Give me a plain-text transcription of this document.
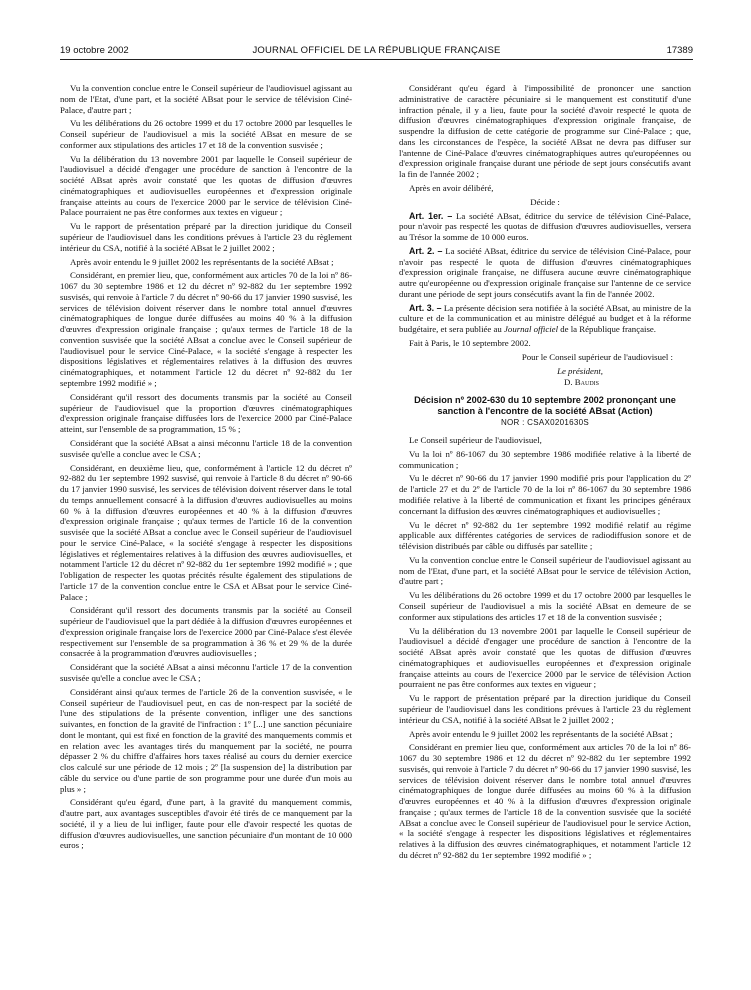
19 octobre 2002	JOURNAL OFFICIEL DE LA RÉPUBLIQUE FRANÇAISE	17389

Vu la convention conclue entre le Conseil supérieur de l'audiovisuel agissant au nom de l'Etat, d'une part, et la société ABsat pour le service de télévision Ciné-Palace, d'autre part ;

Vu les délibérations du 26 octobre 1999 et du 17 octobre 2000 par lesquelles le Conseil supérieur de l'audiovisuel a mis la société ABsat en mesure de se conformer aux stipulations des articles 17 et 18 de la convention susvisée ;

Vu la délibération du 13 novembre 2001 par laquelle le Conseil supérieur de l'audiovisuel a décidé d'engager une procédure de sanction à l'encontre de la société ABsat après avoir constaté que les quotas de diffusion d'œuvres cinématographiques et audiovisuelles européennes et d'expression originale française atteints au cours de l'exercice 2000 par le service de télévision Ciné-Palace pourraient ne pas être conformes aux textes en vigueur ;

Vu le rapport de présentation préparé par la direction juridique du Conseil supérieur de l'audiovisuel dans les conditions prévues à l'article 23 du règlement intérieur du CSA, notifié à la société ABsat le 2 juillet 2002 ;

Après avoir entendu le 9 juillet 2002 les représentants de la société ABsat ;

Considérant, en premier lieu, que, conformément aux articles 70 de la loi nº 86-1067 du 30 septembre 1986 et 12 du décret nº 92-882 du 1er septembre 1992 susvisés, qui renvoie à l'article 7 du décret nº 90-66 du 17 janvier 1990 susvisé, les services de télévision doivent réserver dans le nombre total annuel d'œuvres cinématographiques de longue durée diffusées au moins 40 % à la diffusion d'œuvres d'expression originale française ; qu'aux termes de l'article 18 de la convention susvisée que la société ABsat a conclue avec le Conseil supérieur de l'audiovisuel pour le service Ciné-Palace, « la société s'engage à respecter les dispositions législatives et réglementaires relatives à la diffusion des œuvres cinématographiques, et notamment l'article 12 du décret nº 92-882 du 1er septembre 1992 modifié » ;

Considérant qu'il ressort des documents transmis par la société au Conseil supérieur de l'audiovisuel que la proportion d'œuvres cinématographiques d'expression originale française diffusées lors de l'exercice 2000 par Ciné-Palace atteint, sur l'ensemble de sa programmation, 15 % ;

Considérant que la société ABsat a ainsi méconnu l'article 18 de la convention susvisée qu'elle a conclue avec le CSA ;

Considérant, en deuxième lieu, que, conformément à l'article 12 du décret nº 92-882 du 1er septembre 1992 susvisé, qui renvoie à l'article 8 du décret nº 90-66 du 17 janvier 1990 susvisé, les services de télévision doivent réserver dans le total du temps annuellement consacré à la diffusion d'œuvres audiovisuelles au moins 60 % à la diffusion d'œuvres européennes et 40 % à la diffusion d'œuvres d'expression originale française ; qu'aux termes de l'article 16 de la convention susvisée que la société ABsat a conclue avec le Conseil supérieur de l'audiovisuel pour le service Ciné-Palace, « la société s'engage à respecter les dispositions législatives et réglementaires relatives à la diffusion des œuvres audiovisuelles, et notamment l'article 12 du décret nº 92-882 du 1er septembre 1992 modifié » ; que l'obligation de respecter les quotas précités résulte également des stipulations de l'article 17 de la convention conclue entre le CSA et ABsat pour le service Ciné-Palace ;

Considérant qu'il ressort des documents transmis par la société au Conseil supérieur de l'audiovisuel que la part dédiée à la diffusion d'œuvres européennes et d'expression originale française lors de l'exercice 2000 par Ciné-Palace s'est élevée respectivement sur l'ensemble de sa programmation à 36 % et 29 % de la durée consacrée à la programmation d'œuvres audiovisuelles ;

Considérant que la société ABsat a ainsi méconnu l'article 17 de la convention susvisée qu'elle a conclue avec le CSA ;

Considérant ainsi qu'aux termes de l'article 26 de la convention susvisée, « le Conseil supérieur de l'audiovisuel peut, en cas de non-respect par la société de l'une des stipulations de la présente convention, infliger une des sanctions suivantes, en fonction de la gravité de l'infraction : 1º [...] une sanction pécuniaire dont le montant, qui est fixé en fonction de la gravité des manquements commis et en relation avec les avantages tirés du manquement par la société, ne pourra dépasser 2 % du chiffre d'affaires hors taxes réalisé au cours du dernier exercice clos calculé sur une période de 12 mois ; 2º [la suspension de] la distribution par câble du service ou d'une partie de son programme pour une durée d'un mois au plus » ;

Considérant qu'eu égard, d'une part, à la gravité du manquement commis, d'autre part, aux avantages susceptibles d'avoir été tirés de ce manquement par la société, il y a lieu de lui infliger, faute pour elle d'avoir respecté les quotas de diffusion d'œuvres audiovisuelles, une sanction pécuniaire d'un montant de 10 000 euros ;

Considérant qu'eu égard à l'impossibilité de prononcer une sanction administrative de caractère pécuniaire si le manquement est constitutif d'une infraction pénale, il y a lieu, faute pour la société d'avoir respecté le quota de diffusion d'œuvres cinématographiques d'expression originale française, de suspendre la diffusion de cette catégorie de programme sur Ciné-Palace ; que, dans les circonstances de l'espèce, la société ABsat ne devra pas diffuser sur l'antenne de Ciné-Palace d'œuvres cinématographiques autres qu'européennes ou d'expression originale française durant une période de sept jours consécutifs avant la fin de l'année 2002 ;

Après en avoir délibéré,

Décide :

Art. 1er. – La société ABsat, éditrice du service de télévision Ciné-Palace, pour n'avoir pas respecté les quotas de diffusion d'œuvres audiovisuelles, versera au Trésor la somme de 10 000 euros.

Art. 2. – La société ABsat, éditrice du service de télévision Ciné-Palace, pour n'avoir pas respecté le quota de diffusion d'œuvres cinématographiques d'expression originale française, ne diffusera aucune œuvre cinématographique autre qu'européenne ou d'expression originale française sur l'antenne de ce service durant une période de sept jours consécutifs avant la fin de l'année 2002.

Art. 3. – La présente décision sera notifiée à la société ABsat, au ministre de la culture et de la communication et au ministre délégué au budget et à la réforme budgétaire, et sera publiée au Journal officiel de la République française.

Fait à Paris, le 10 septembre 2002.

Pour le Conseil supérieur de l'audiovisuel :

Le président,

D. Baudis

Décision nº 2002-630 du 10 septembre 2002 prononçant une sanction à l'encontre de la société ABsat (Action)
NOR : CSAX0201630S

Le Conseil supérieur de l'audiovisuel,

Vu la loi nº 86-1067 du 30 septembre 1986 modifiée relative à la liberté de communication ;

Vu le décret nº 90-66 du 17 janvier 1990 modifié pris pour l'application du 2º de l'article 27 et du 2º de l'article 70 de la loi nº 86-1067 du 30 septembre 1986 modifiée relative à la liberté de communication et fixant les principes généraux concernant la diffusion des œuvres cinématographiques et audiovisuelles ;

Vu le décret nº 92-882 du 1er septembre 1992 modifié relatif au régime applicable aux différentes catégories de services de radiodiffusion sonore et de télévision distribués par câble ou diffusés par satellite ;

Vu la convention conclue entre le Conseil supérieur de l'audiovisuel agissant au nom de l'Etat, d'une part, et la société ABsat pour le service de télévision Action, d'autre part ;

Vu les délibérations du 26 octobre 1999 et du 17 octobre 2000 par lesquelles le Conseil supérieur de l'audiovisuel a mis la société ABsat en demeure de se conformer aux stipulations des articles 17 et 18 de la convention susvisée ;

Vu la délibération du 13 novembre 2001 par laquelle le Conseil supérieur de l'audiovisuel a décidé d'engager une procédure de sanction à l'encontre de la société ABsat après avoir constaté que les quotas de diffusion d'œuvres cinématographiques et audiovisuelles européennes et d'expression originale française atteints au cours de l'exercice 2000 par le service de télévision Action pourraient ne pas être conformes aux textes en vigueur ;

Vu le rapport de présentation préparé par la direction juridique du Conseil supérieur de l'audiovisuel dans les conditions prévues à l'article 23 du règlement intérieur du CSA, notifié à la société ABsat le 2 juillet 2002 ;

Après avoir entendu le 9 juillet 2002 les représentants de la société ABsat ;

Considérant en premier lieu que, conformément aux articles 70 de la loi nº 86-1067 du 30 septembre 1986 et 12 du décret nº 92-882 du 1er septembre 1992 susvisés, qui renvoie à l'article 7 du décret nº 90-66 du 17 janvier 1990 susvisé, les services de télévision doivent réserver dans le nombre total annuel d'œuvres cinématographiques de longue durée diffusées au moins 60 % à la diffusion d'œuvres européennes et 40 % à la diffusion d'œuvres d'expression originale française ; qu'aux termes de l'article 18 de la convention susvisée que la société ABsat a conclue avec le Conseil supérieur de l'audiovisuel pour le service Action, « la société s'engage à respecter les dispositions législatives et réglementaires relatives à la diffusion des œuvres cinématographiques, et notamment l'article 12 du décret nº 92-882 du 1er septembre 1992 modifié » ;
